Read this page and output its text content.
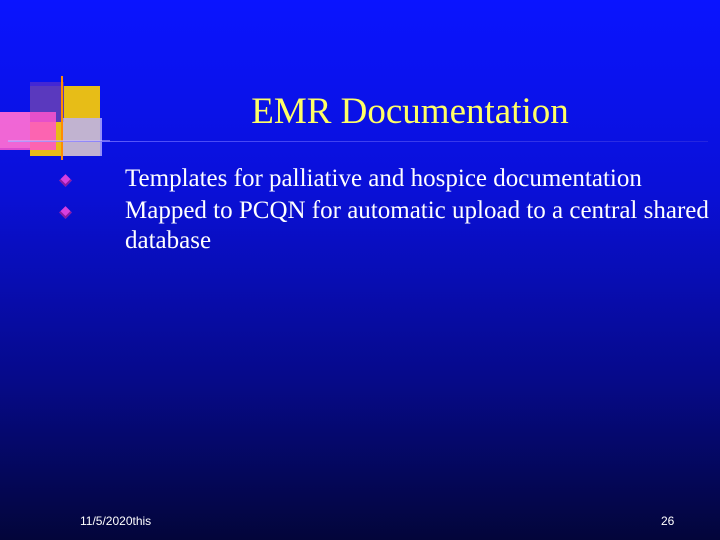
EMR Documentation
Templates for palliative and hospice documentation
Mapped to PCQN for automatic upload to a central shared database
11/5/2020this	26
